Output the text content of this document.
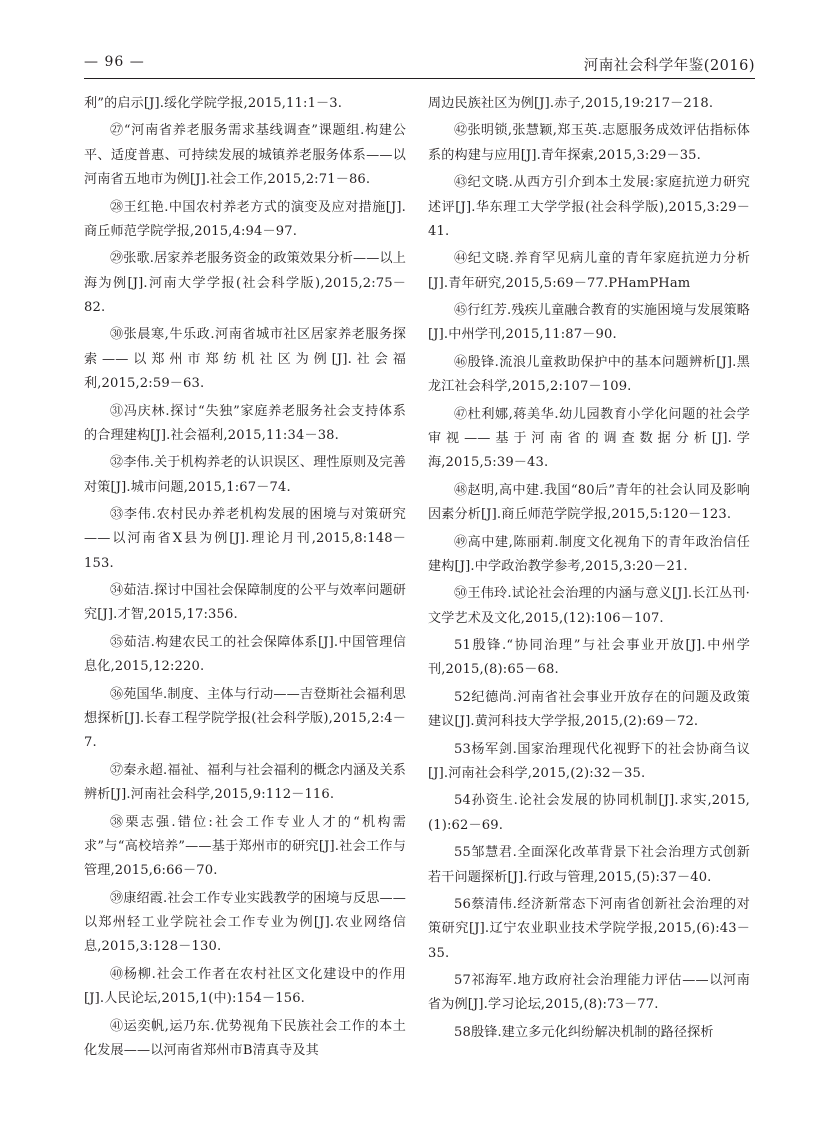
— 96 —	河南社会科学年鉴(2016)

利”的启示[J].绥化学院学报,2015,11:1－3.

㉗“河南省养老服务需求基线调查”课题组.构建公平、适度普惠、可持续发展的城镇养老服务体系——以河南省五地市为例[J].社会工作,2015,2:71－86.

㉘王红艳.中国农村养老方式的演变及应对措施[J].商丘师范学院学报,2015,4:94－97.

㉙张歌.居家养老服务资金的政策效果分析——以上海为例[J].河南大学学报(社会科学版),2015,2:75－82.

㉚张晨寒,牛乐政.河南省城市社区居家养老服务探索——以郑州市郑纺机社区为例[J].社会福利,2015,2:59－63.

㉛冯庆林.探讨“失独”家庭养老服务社会支持体系的合理建构[J].社会福利,2015,11:34－38.

㉜李伟.关于机构养老的认识误区、理性原则及完善对策[J].城市问题,2015,1:67－74.

㉝李伟.农村民办养老机构发展的困境与对策研究——以河南省X县为例[J].理论月刊,2015,8:148－153.

㉞茹洁.探讨中国社会保障制度的公平与效率问题研究[J].才智,2015,17:356.

㉟茹洁.构建农民工的社会保障体系[J].中国管理信息化,2015,12:220.

㊱苑国华.制度、主体与行动——吉登斯社会福利思想探析[J].长春工程学院学报(社会科学版),2015,2:4－7.

㊲秦永超.福祉、福利与社会福利的概念内涵及关系辨析[J].河南社会科学,2015,9:112－116.

㊳栗志强.错位:社会工作专业人才的“机构需求”与“高校培养”——基于郑州市的研究[J].社会工作与管理,2015,6:66－70.

㊴康绍霞.社会工作专业实践教学的困境与反思——以郑州轻工业学院社会工作专业为例[J].农业网络信息,2015,3:128－130.

㊵杨柳.社会工作者在农村社区文化建设中的作用[J].人民论坛,2015,1(中):154－156.

㊶运奕帆,运乃东.优势视角下民族社会工作的本土化发展——以河南省郑州市B清真寺及其

周边民族社区为例[J].赤子,2015,19:217－218.

㊷张明锁,张慧颖,郑玉英.志愿服务成效评估指标体系的构建与应用[J].青年探索,2015,3:29－35.

㊸纪文晓.从西方引介到本土发展:家庭抗逆力研究述评[J].华东理工大学学报(社会科学版),2015,3:29－41.

㊹纪文晓.养育罕见病儿童的青年家庭抗逆力分析[J].青年研究,2015,5:69－77.PHamPHam

㊺行红芳.残疾儿童融合教育的实施困境与发展策略[J].中州学刊,2015,11:87－90.

㊻殷锋.流浪儿童救助保护中的基本问题辨析[J].黑龙江社会科学,2015,2:107－109.

㊼杜利娜,蒋美华.幼儿园教育小学化问题的社会学审视——基于河南省的调查数据分析[J].学海,2015,5:39－43.

㊽赵明,高中建.我国“80后”青年的社会认同及影响因素分析[J].商丘师范学院学报,2015,5:120－123.

㊾高中建,陈丽莉.制度文化视角下的青年政治信任建构[J].中学政治教学参考,2015,3:20－21.

㊿王伟玲.试论社会治理的内涵与意义[J].长江丛刊·文学艺术及文化,2015,(12):106－107.

51殷锋.“协同治理”与社会事业开放[J].中州学刊,2015,(8):65－68.

52纪德尚.河南省社会事业开放存在的问题及政策建议[J].黄河科技大学学报,2015,(2):69－72.

53杨军剑.国家治理现代化视野下的社会协商刍议[J].河南社会科学,2015,(2):32－35.

54孙资生.论社会发展的协同机制[J].求实,2015,(1):62－69.

55邹慧君.全面深化改革背景下社会治理方式创新若干问题探析[J].行政与管理,2015,(5):37－40.

56蔡清伟.经济新常态下河南省创新社会治理的对策研究[J].辽宁农业职业技术学院学报,2015,(6):43－35.

57祁海军.地方政府社会治理能力评估——以河南省为例[J].学习论坛,2015,(8):73－77.

58殷锋.建立多元化纠纷解决机制的路径探析
